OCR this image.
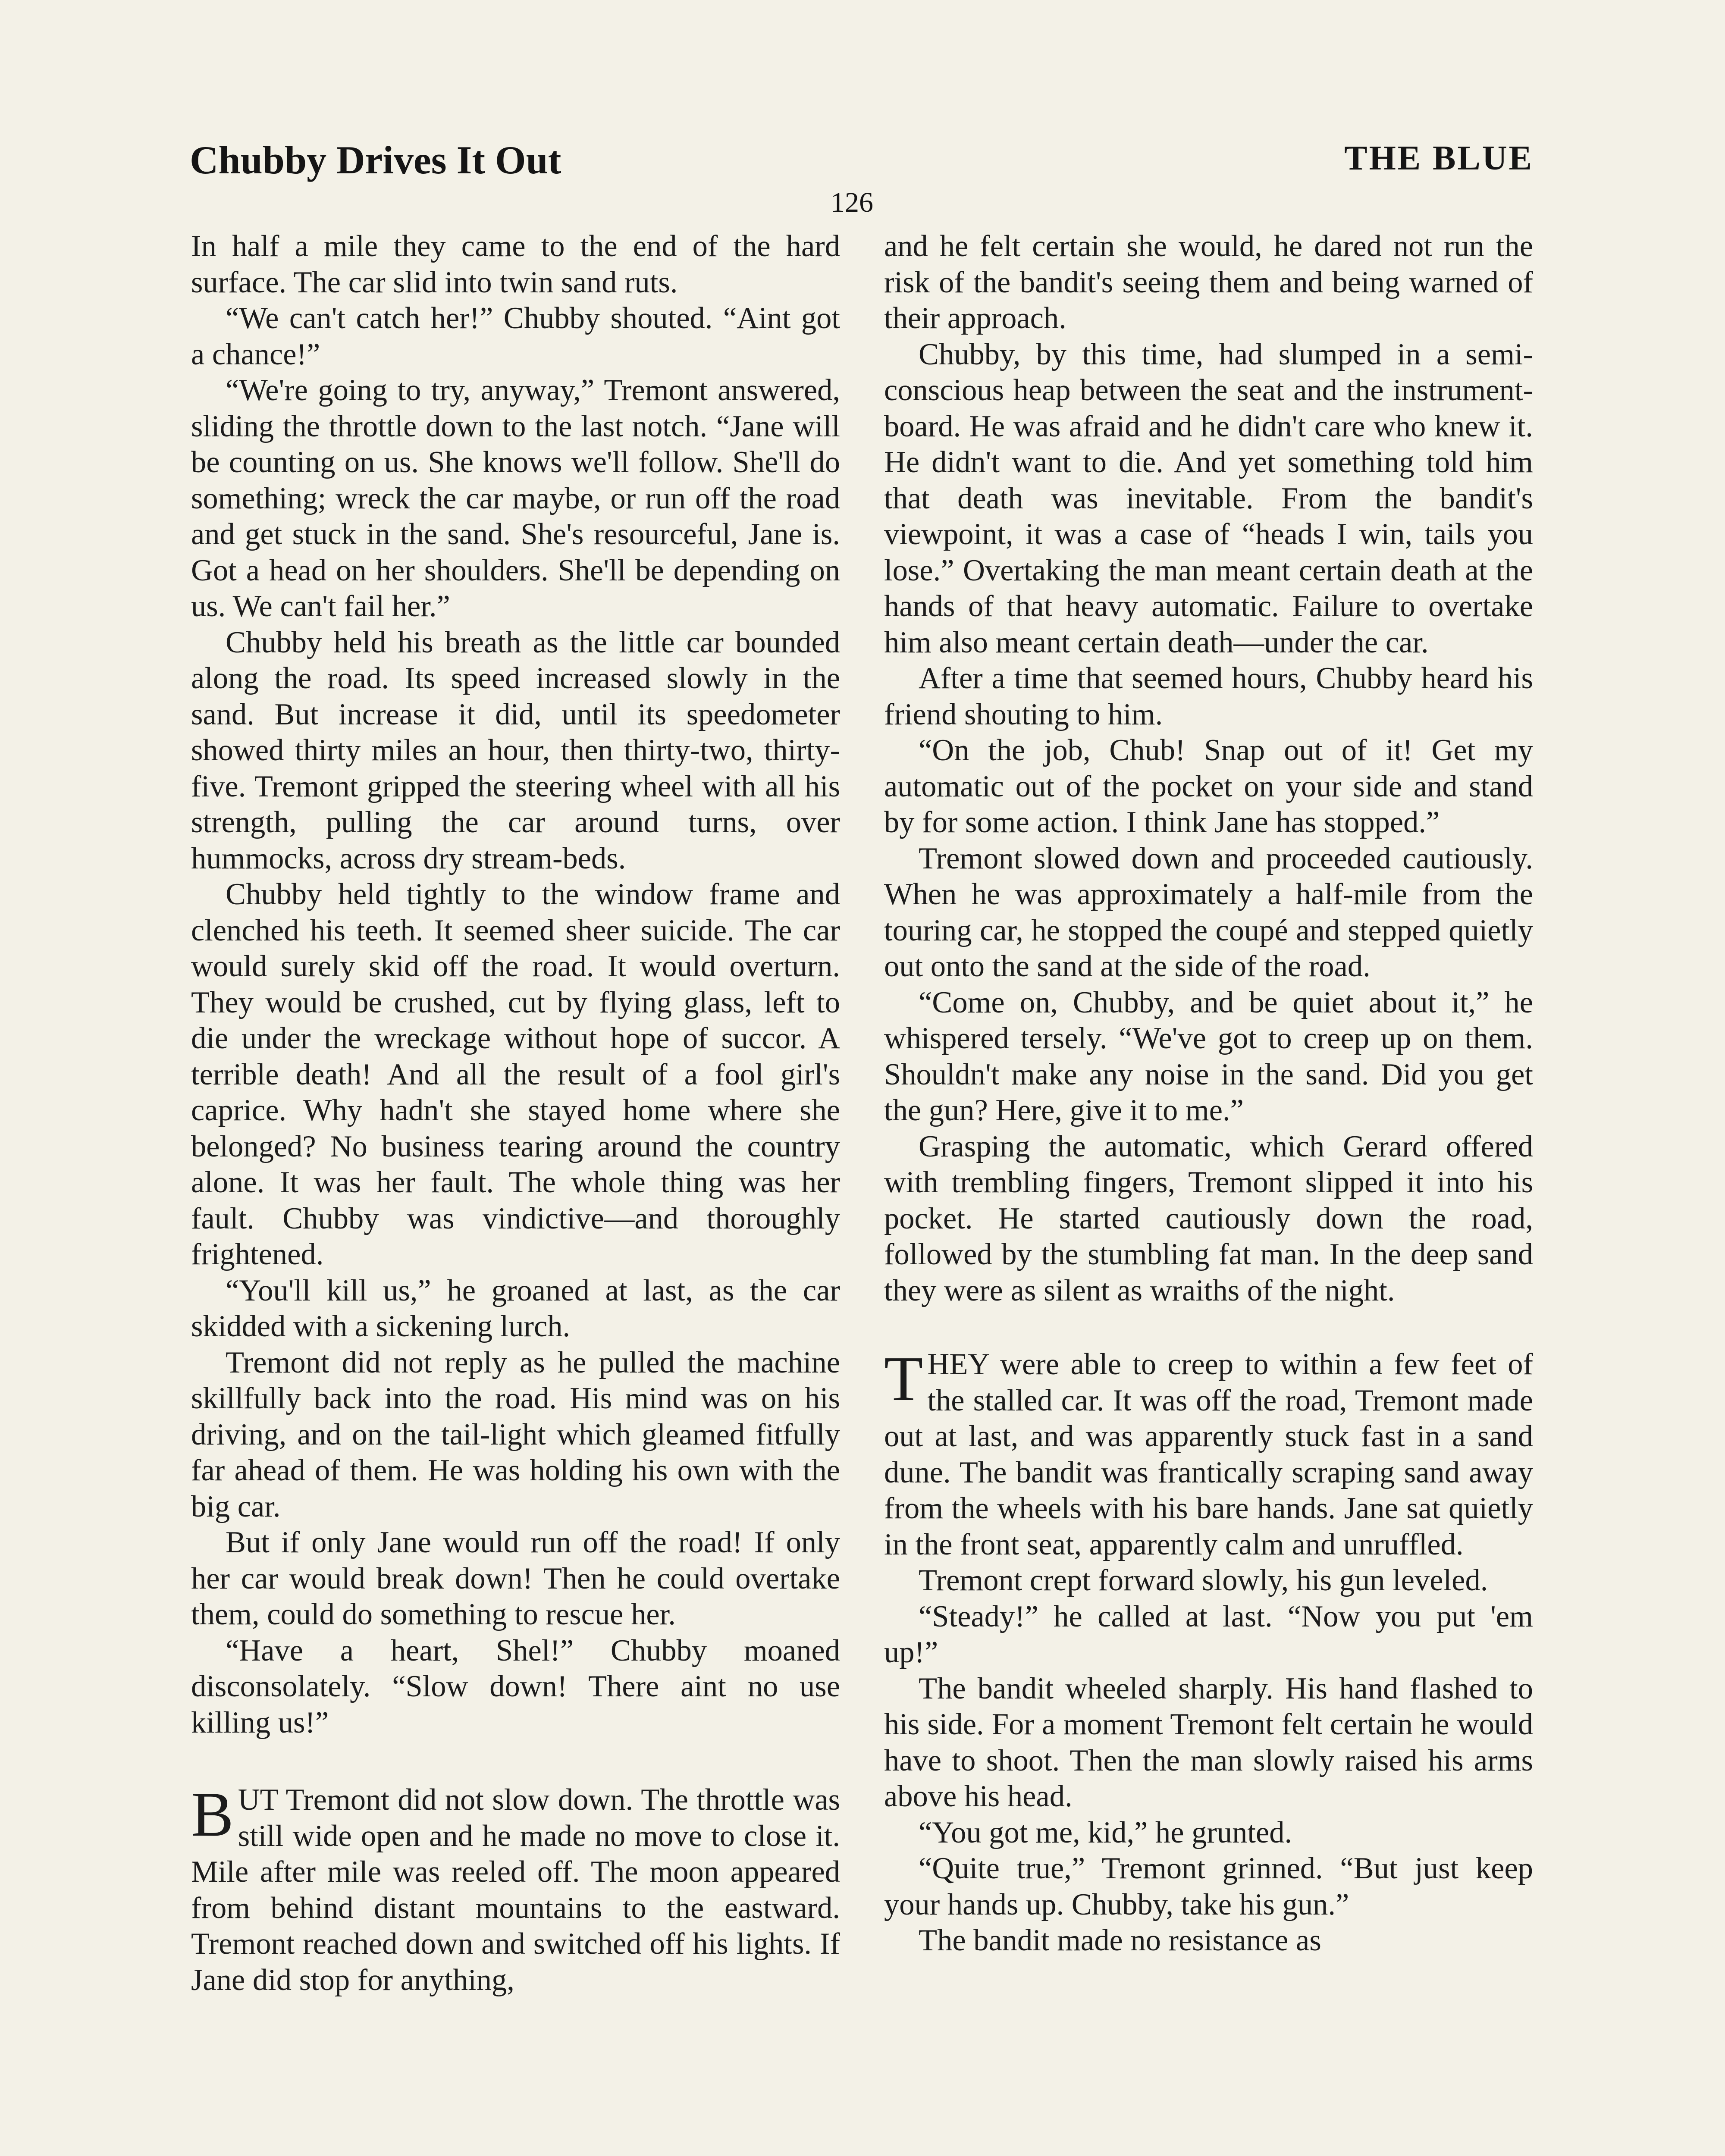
Chubby Drives It Out	THE BLUE
126

In half a mile they came to the end of the hard surface. The car slid into twin sand ruts.

“We can't catch her!” Chubby shouted. “Aint got a chance!”

“We're going to try, anyway,” Tremont answered, sliding the throttle down to the last notch. “Jane will be counting on us. She knows we'll follow. She'll do something; wreck the car maybe, or run off the road and get stuck in the sand. She's resourceful, Jane is. Got a head on her shoulders. She'll be depending on us. We can't fail her.”

Chubby held his breath as the little car bounded along the road. Its speed increased slowly in the sand. But increase it did, until its speedometer showed thirty miles an hour, then thirty-two, thirty-five. Tremont gripped the steering wheel with all his strength, pulling the car around turns, over hummocks, across dry stream-beds.

Chubby held tightly to the window frame and clenched his teeth. It seemed sheer suicide. The car would surely skid off the road. It would overturn. They would be crushed, cut by flying glass, left to die under the wreckage without hope of succor. A terrible death! And all the result of a fool girl's caprice. Why hadn't she stayed home where she belonged? No business tearing around the country alone. It was her fault. The whole thing was her fault. Chubby was vindictive—and thoroughly frightened.

“You'll kill us,” he groaned at last, as the car skidded with a sickening lurch.

Tremont did not reply as he pulled the machine skillfully back into the road. His mind was on his driving, and on the tail-light which gleamed fitfully far ahead of them. He was holding his own with the big car.

But if only Jane would run off the road! If only her car would break down! Then he could overtake them, could do something to rescue her.

“Have a heart, Shel!” Chubby moaned disconsolately. “Slow down! There aint no use killing us!”

BUT Tremont did not slow down. The throttle was still wide open and he made no move to close it. Mile after mile was reeled off. The moon appeared from behind distant mountains to the eastward. Tremont reached down and switched off his lights. If Jane did stop for anything,

and he felt certain she would, he dared not run the risk of the bandit's seeing them and being warned of their approach.

Chubby, by this time, had slumped in a semi-conscious heap between the seat and the instrument-board. He was afraid and he didn't care who knew it. He didn't want to die. And yet something told him that death was inevitable. From the bandit's viewpoint, it was a case of “heads I win, tails you lose.” Overtaking the man meant certain death at the hands of that heavy automatic. Failure to overtake him also meant certain death—under the car.

After a time that seemed hours, Chubby heard his friend shouting to him.

“On the job, Chub! Snap out of it! Get my automatic out of the pocket on your side and stand by for some action. I think Jane has stopped.”

Tremont slowed down and proceeded cautiously. When he was approximately a half-mile from the touring car, he stopped the coupé and stepped quietly out onto the sand at the side of the road.

“Come on, Chubby, and be quiet about it,” he whispered tersely. “We've got to creep up on them. Shouldn't make any noise in the sand. Did you get the gun? Here, give it to me.”

Grasping the automatic, which Gerard offered with trembling fingers, Tremont slipped it into his pocket. He started cautiously down the road, followed by the stumbling fat man. In the deep sand they were as silent as wraiths of the night.

THEY were able to creep to within a few feet of the stalled car. It was off the road, Tremont made out at last, and was apparently stuck fast in a sand dune. The bandit was frantically scraping sand away from the wheels with his bare hands. Jane sat quietly in the front seat, apparently calm and unruffled.

Tremont crept forward slowly, his gun leveled.

“Steady!” he called at last. “Now you put 'em up!”

The bandit wheeled sharply. His hand flashed to his side. For a moment Tremont felt certain he would have to shoot. Then the man slowly raised his arms above his head.

“You got me, kid,” he grunted.

“Quite true,” Tremont grinned. “But just keep your hands up. Chubby, take his gun.”

The bandit made no resistance as
